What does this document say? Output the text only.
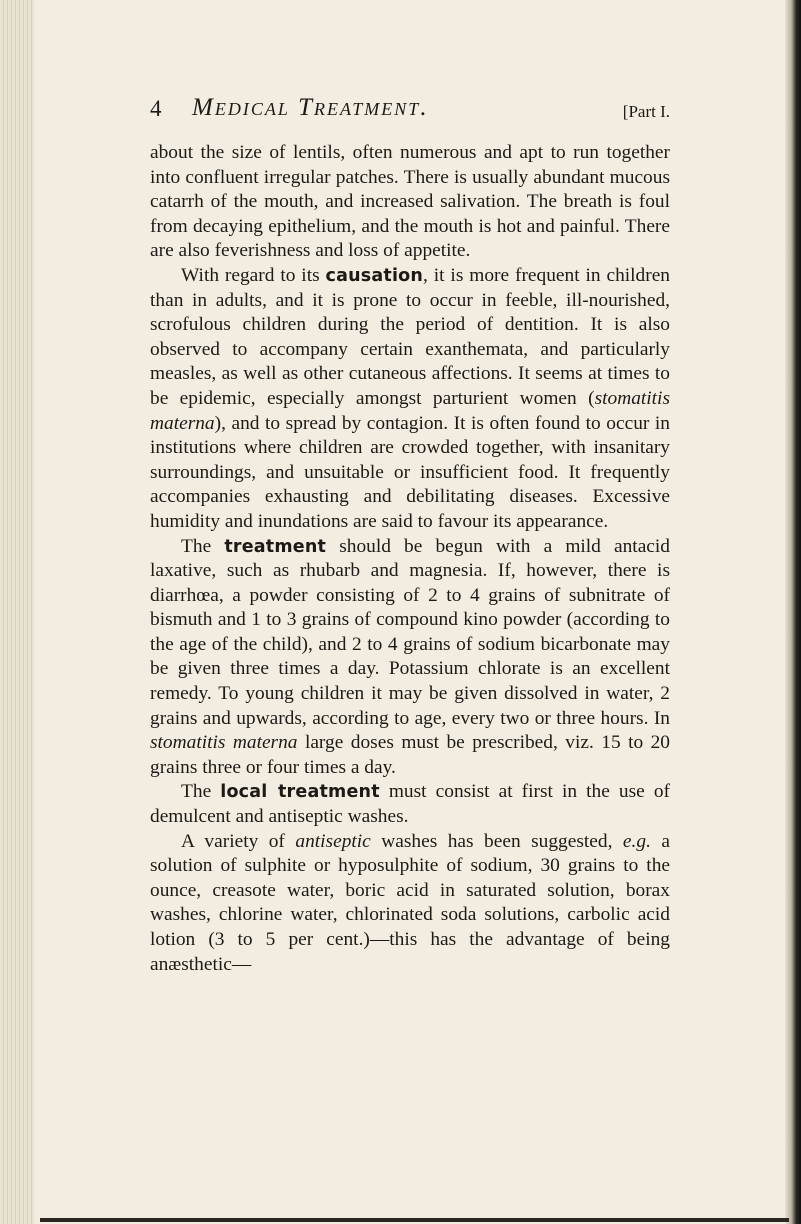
4 Medical Treatment.	[Part I.

about the size of lentils, often numerous and apt to run together into confluent irregular patches. There is usually abundant mucous catarrh of the mouth, and increased salivation. The breath is foul from decaying epithelium, and the mouth is hot and painful. There are also feverishness and loss of appetite.

With regard to its causation, it is more frequent in children than in adults, and it is prone to occur in feeble, ill-nourished, scrofulous children during the period of dentition. It is also observed to accompany certain exanthemata, and particularly measles, as well as other cutaneous affections. It seems at times to be epidemic, especially amongst parturient women (stomatitis materna), and to spread by contagion. It is often found to occur in institutions where children are crowded together, with insanitary surroundings, and unsuitable or insufficient food. It frequently accompanies exhausting and debilitating diseases. Excessive humidity and inundations are said to favour its appearance.

The treatment should be begun with a mild antacid laxative, such as rhubarb and magnesia. If, however, there is diarrhœa, a powder consisting of 2 to 4 grains of subnitrate of bismuth and 1 to 3 grains of compound kino powder (according to the age of the child), and 2 to 4 grains of sodium bicarbonate may be given three times a day. Potassium chlorate is an excellent remedy. To young children it may be given dissolved in water, 2 grains and upwards, according to age, every two or three hours. In stomatitis materna large doses must be prescribed, viz. 15 to 20 grains three or four times a day.

The local treatment must consist at first in the use of demulcent and antiseptic washes.

A variety of antiseptic washes has been suggested, e.g. a solution of sulphite or hyposulphite of sodium, 30 grains to the ounce, creasote water, boric acid in saturated solution, borax washes, chlorine water, chlorinated soda solutions, carbolic acid lotion (3 to 5 per cent.)—this has the advantage of being anæsthetic—
